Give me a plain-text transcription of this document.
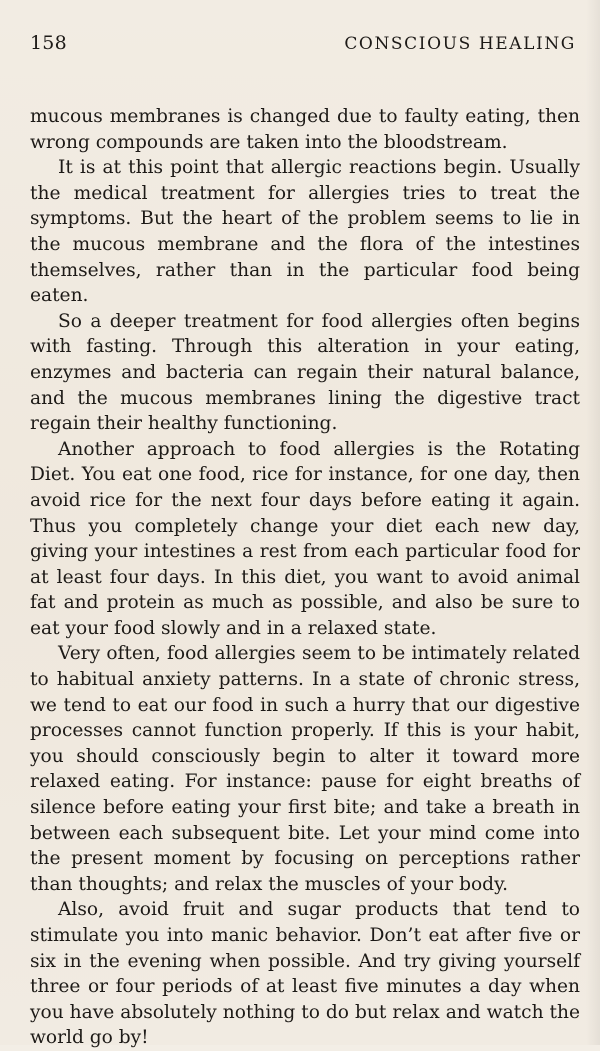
158	CONSCIOUS HEALING

mucous membranes is changed due to faulty eating, then wrong compounds are taken into the bloodstream.

It is at this point that allergic reactions begin. Usually the medical treatment for allergies tries to treat the symptoms. But the heart of the problem seems to lie in the mucous membrane and the flora of the intestines themselves, rather than in the particular food being eaten.

So a deeper treatment for food allergies often begins with fasting. Through this alteration in your eating, enzymes and bacteria can regain their natural balance, and the mucous membranes lining the digestive tract regain their healthy functioning.

Another approach to food allergies is the Rotating Diet. You eat one food, rice for instance, for one day, then avoid rice for the next four days before eating it again. Thus you completely change your diet each new day, giving your intestines a rest from each particular food for at least four days. In this diet, you want to avoid animal fat and protein as much as possible, and also be sure to eat your food slowly and in a relaxed state.

Very often, food allergies seem to be intimately related to habitual anxiety patterns. In a state of chronic stress, we tend to eat our food in such a hurry that our digestive processes cannot function properly. If this is your habit, you should consciously begin to alter it toward more relaxed eating. For instance: pause for eight breaths of silence before eating your first bite; and take a breath in between each subsequent bite. Let your mind come into the present moment by focusing on perceptions rather than thoughts; and relax the muscles of your body.

Also, avoid fruit and sugar products that tend to stimulate you into manic behavior. Don’t eat after five or six in the evening when possible. And try giving yourself three or four periods of at least five minutes a day when you have absolutely nothing to do but relax and watch the world go by!
